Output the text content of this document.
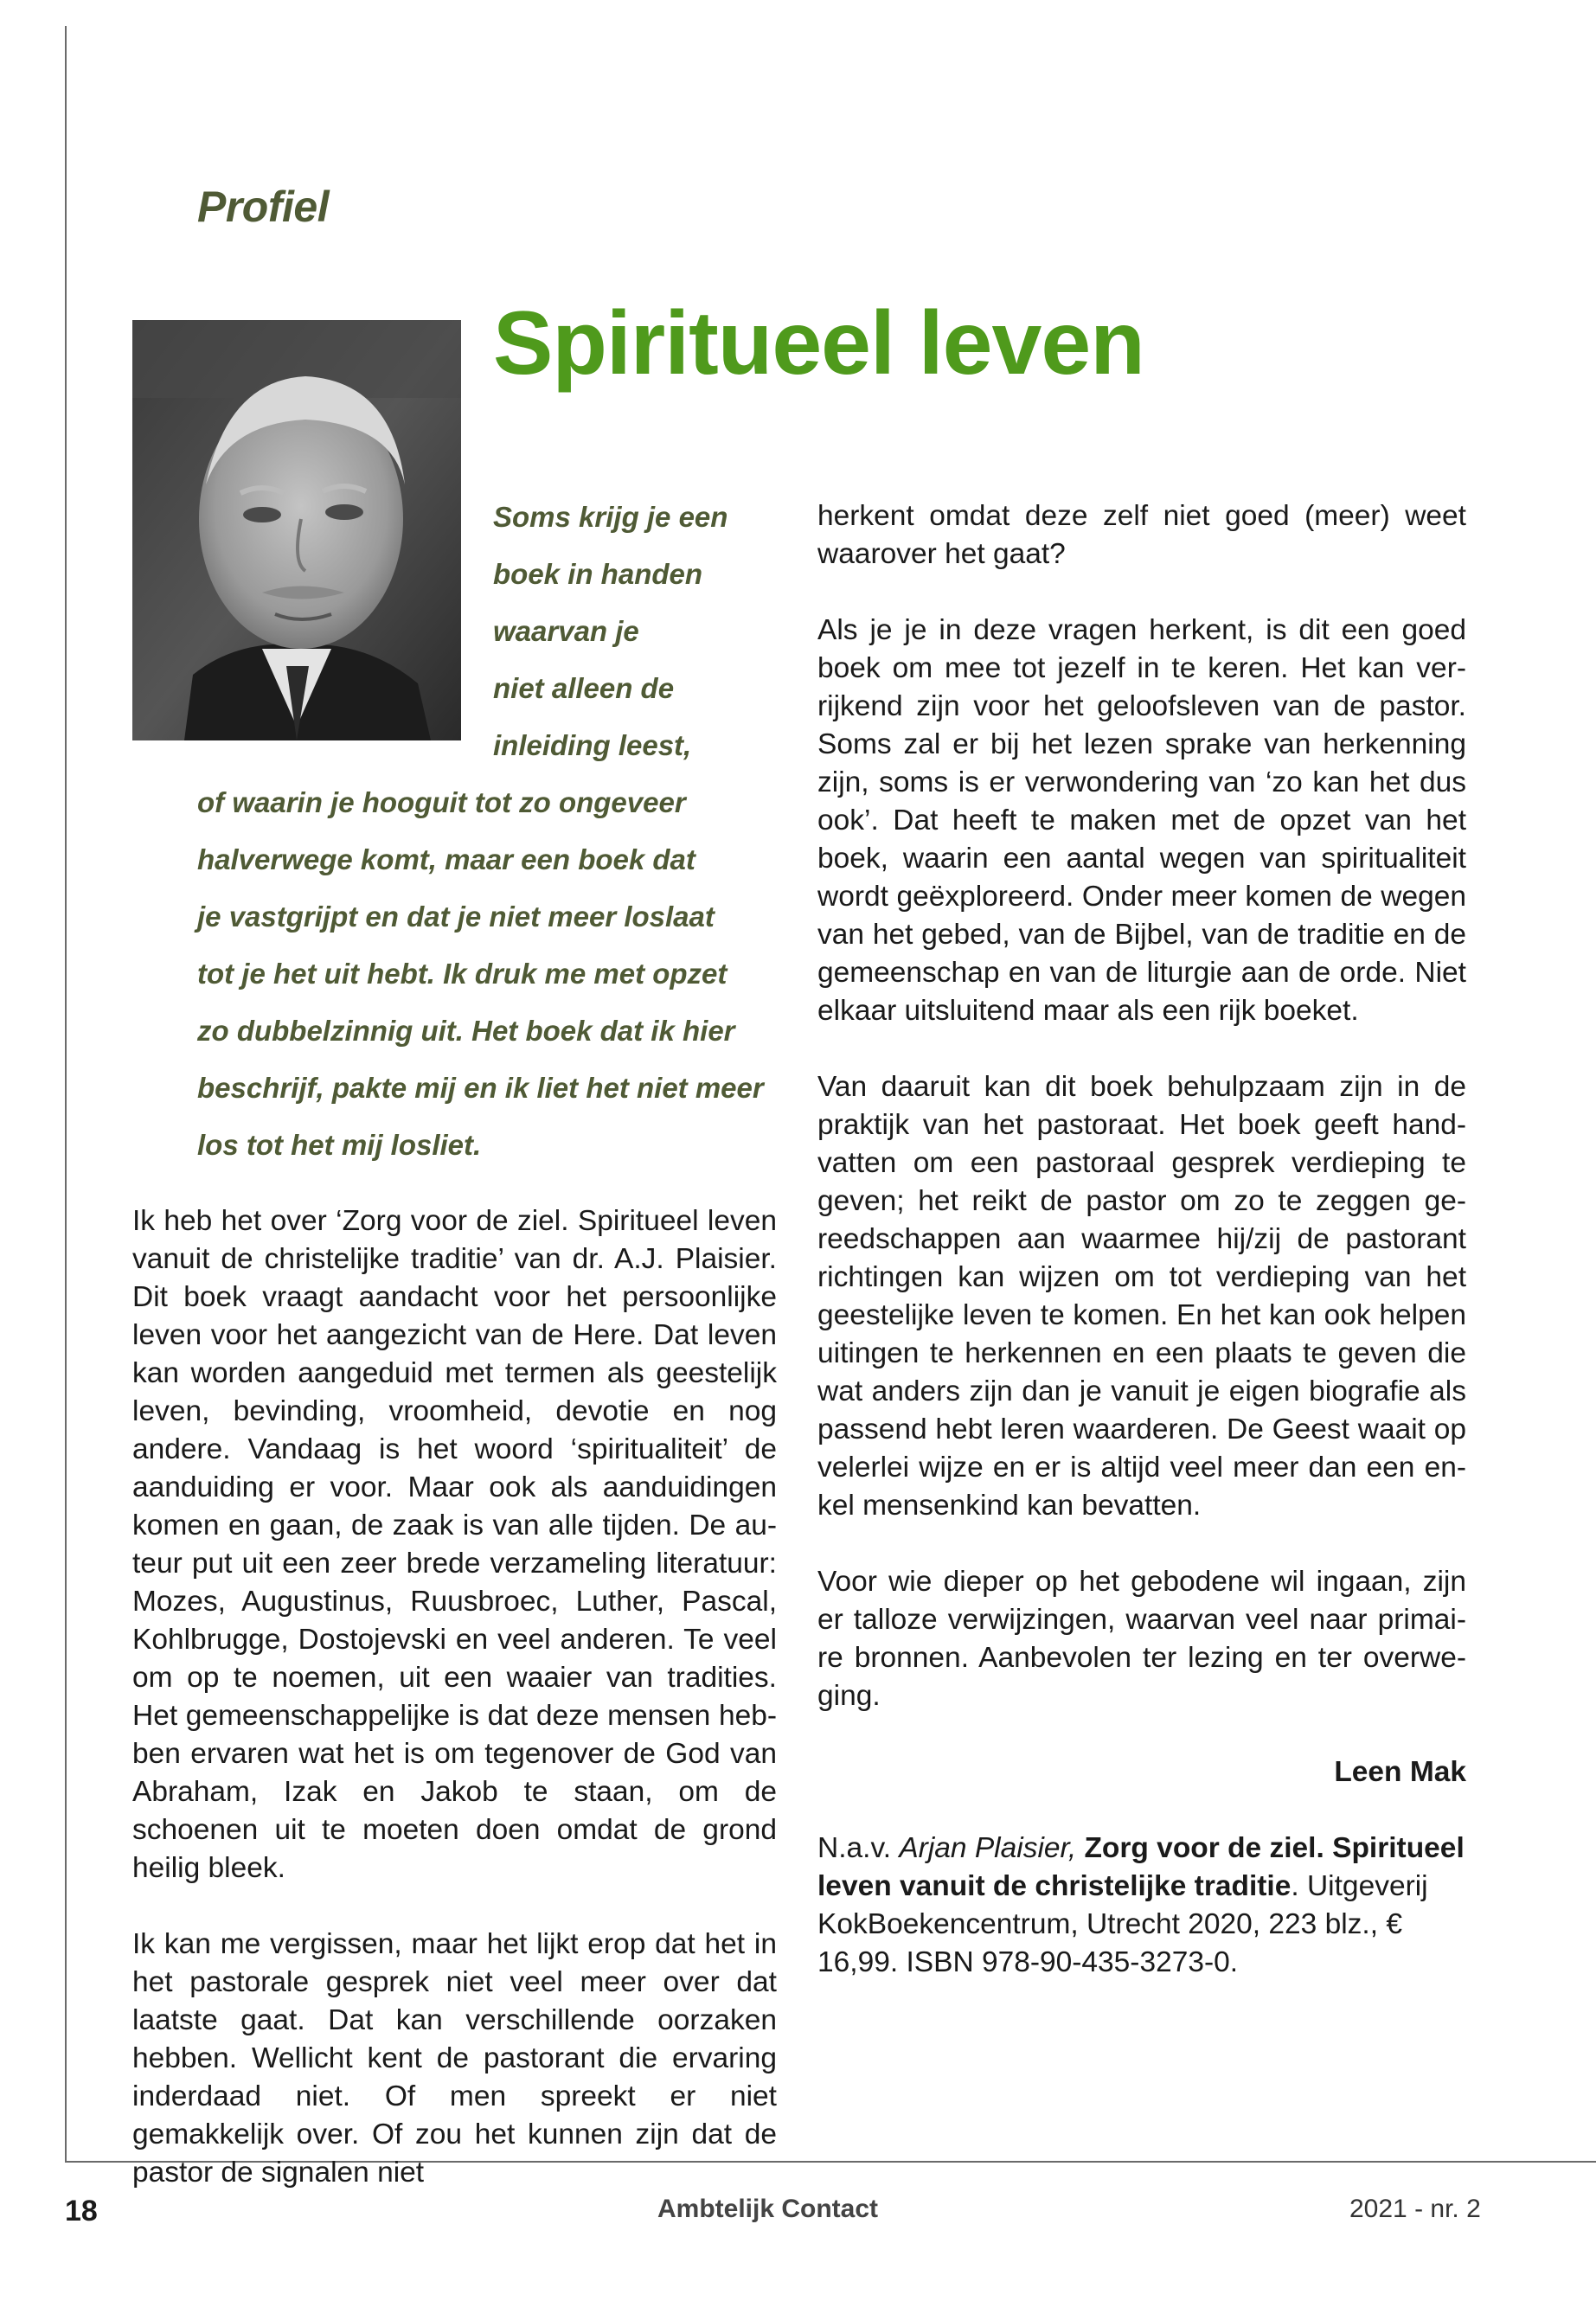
Profiel
Spiritueel leven
Soms krijg je een
boek in handen
waarvan je
niet alleen de
inleiding leest,
of waarin je hooguit tot zo ongeveer
halverwege komt, maar een boek dat
je vastgrijpt en dat je niet meer loslaat
tot je het uit hebt. Ik druk me met opzet
zo dubbelzinnig uit. Het boek dat ik hier
beschrijf, pakte mij en ik liet het niet meer
los tot het mij losliet.

Ik heb het over ‘Zorg voor de ziel. Spiritueel leven vanuit de christelijke traditie’ van dr. A.J. Plaisier. Dit boek vraagt aandacht voor het persoonlijke leven voor het aangezicht van de Here. Dat leven kan worden aangeduid met termen als geestelijk leven, bevinding, vroomheid, devotie en nog andere. Vandaag is het woord ‘spiritualiteit’ de aanduiding er voor. Maar ook als aanduidingen komen en gaan, de zaak is van alle tijden. De auteur put uit een zeer brede verzameling literatuur: Mozes, Augustinus, Ruusbroec, Luther, Pascal, Kohlbrugge, Dostojevski en veel anderen. Te veel om op te noemen, uit een waaier van tradities. Het gemeenschappelijke is dat deze mensen hebben ervaren wat het is om tegenover de God van Abraham, Izak en Jakob te staan, om de schoenen uit te moeten doen omdat de grond heilig bleek.

Ik kan me vergissen, maar het lijkt erop dat het in het pastorale gesprek niet veel meer over dat laatste gaat. Dat kan verschillende oorzaken hebben. Wellicht kent de pastorant die ervaring inderdaad niet. Of men spreekt er niet gemakkelijk over. Of zou het kunnen zijn dat de pastor de signalen niet

herkent omdat deze zelf niet goed (meer) weet waarover het gaat?

Als je je in deze vragen herkent, is dit een goed boek om mee tot jezelf in te keren. Het kan verrijkend zijn voor het geloofsleven van de pastor. Soms zal er bij het lezen sprake van herkenning zijn, soms is er verwondering van ‘zo kan het dus ook’. Dat heeft te maken met de opzet van het boek, waarin een aantal wegen van spiritualiteit wordt geëxploreerd. Onder meer komen de wegen van het gebed, van de Bijbel, van de traditie en de gemeenschap en van de liturgie aan de orde. Niet elkaar uitsluitend maar als een rijk boeket.

Van daaruit kan dit boek behulpzaam zijn in de praktijk van het pastoraat. Het boek geeft handvatten om een pastoraal gesprek verdieping te geven; het reikt de pastor om zo te zeggen gereedschappen aan waarmee hij/zij de pastorant richtingen kan wijzen om tot verdieping van het geestelijke leven te komen. En het kan ook helpen uitingen te herkennen en een plaats te geven die wat anders zijn dan je vanuit je eigen biografie als passend hebt leren waarderen. De Geest waait op velerlei wijze en er is altijd veel meer dan een enkel mensenkind kan bevatten.

Voor wie dieper op het gebodene wil ingaan, zijn er talloze verwijzingen, waarvan veel naar primaire bronnen. Aanbevolen ter lezing en ter overweging.

Leen Mak

N.a.v. Arjan Plaisier, Zorg voor de ziel. Spiritueel leven vanuit de christelijke traditie. Uitgeverij KokBoekencentrum, Utrecht 2020, 223 blz., € 16,99. ISBN 978-90-435-3273-0.

18	Ambtelijk Contact	2021 - nr. 2
